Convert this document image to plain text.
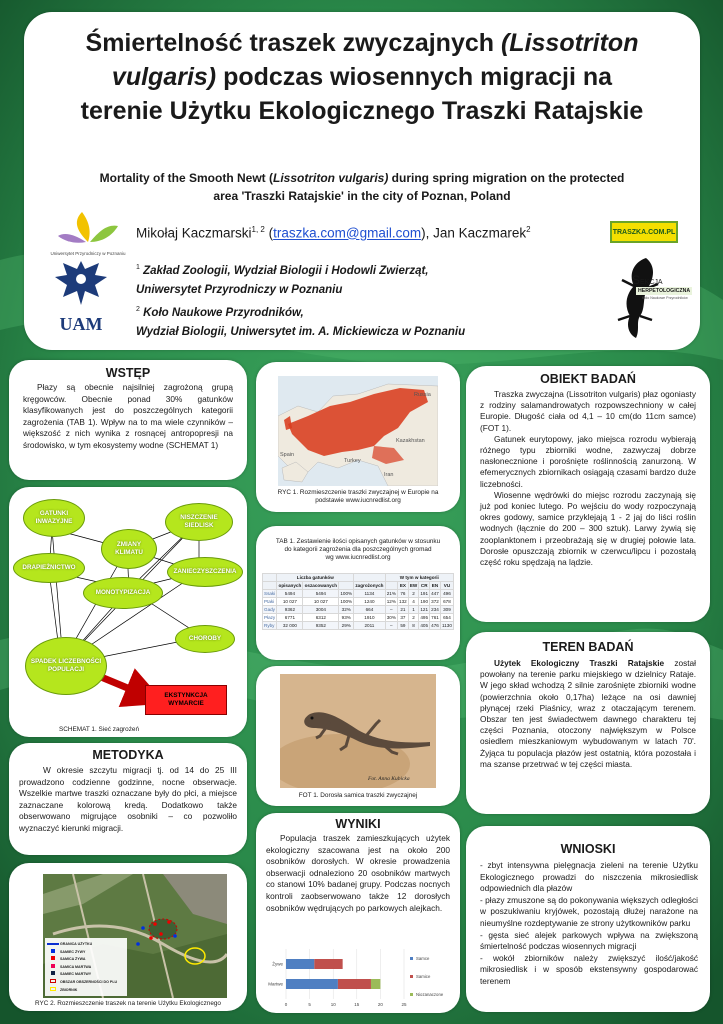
Śmiertelność traszek zwyczajnych (Lissotriton
vulgaris) podczas wiosennych migracji na
terenie Użytku Ekologicznego Traszki Ratajskie
Mortality of the Smooth Newt (Lissotriton vulgaris) during spring migration on the protected
area 'Traszki Ratajskie' in the city of Poznan, Poland
Uniwersytet Przyrodniczy w Poznaniu
UAM
Mikołaj Kaczmarski$^{1, 2}$ (traszka.com@gmail.com), Jan Kaczmarek$^2$
$^1$ Zakład Zoologii, Wydział Biologii i Hodowli Zwierząt,
Uniwersytet Przyrodniczy w Poznaniu
$^2$ Koło Naukowe Przyrodników,
Wydział Biologii, Uniwersytet im. A. Mickiewicza w Poznaniu
TRASZKA.COM.PL
SEKCJA
HERPETOLOGICZNA
Koło Naukowe Przyrodników
WSTĘP

Płazy są obecnie najsilniej zagrożoną grupą kręgowców. Obecnie ponad 30% gatunków klasyfikowanych jest do poszczególnych kategorii zagrożenia (TAB 1). Wpływ na to ma wiele czynników – większość z nich wynika z rosnącej antropopresji na środowisko, w tym ekosystemy wodne (SCHEMAT 1)

GATUNKI INWAZYJNE
ZMIANY KLIMATU
NISZCZENIE SIEDLISK
DRAPIEŻNICTWO
ZANIECZYSZCZENIA
MONOTYPIZACJA
CHOROBY
SPADEK LICZEBNOŚCI POPULACJI
EKSTYNKCJA WYMARCIE
SCHEMAT 1. Sieć zagrożeń
METODYKA

W okresie szczytu migracji tj. od 14 do 25 III prowadzono codzienne godzinne, nocne obserwacje. Wszelkie martwe traszki oznaczane były do płci, a miejsce zaznaczane kolorową kredą. Dodatkowo także obserwowano migrujące osobniki – co pozwoliło wyznaczyć kierunki migracji.

GRANICA UŻYTKU
SAMIEC ŻYWY
SAMICA ŻYWA
SAMICA MARTWA
SAMIEC MARTWY
OBSZAR OBSZERNOŚCI DO PLU
ZBIORNIK
RYC 2. Rozmieszczenie traszek na terenie Użytku Ekologicznego
Russia
Kazakhstan
Spain
Turkey
Iran
RYC 1. Rozmieszczenie traszki zwyczajnej w Europie na
podstawie www.iucnredlist.org
TAB 1. Zestawienie ilości opisanych gatunków w stosunku
do kategorii zagrożenia dla poszczególnych gromad
wg www.iucnredlist.org
	Liczba gatunków				W tym w kategorii					
	opisanych	oszacowanych		zagrożonych		EX	EW	CR	EN	VU
Ssaki	5494	5494	100%	1134	21%	76	2	191	447	496
Ptaki	10 027	10 027	100%	1240	12%	132	4	190	372	678
Gady	9362	3004	32%	664	–	21	1	121	234	309
Płazy	6771	6312	93%	1910	30%	37	2	495	761	654
Ryby	32 000	9352	29%	2011	–	59	8	405	476	1130
Fot. Anna Kubicka
FOT 1. Dorosła samica traszki zwyczajnej
WYNIKI

Populacja traszek zamieszkujących użytek ekologiczny szacowana jest na około 200 osobników dorosłych. W okresie prowadzenia obserwacji odnaleziono 20 osobników martwych co stanowi 10% badanej grupy. Podczas nocnych kontroli zaobserwowano także 12 dorosłych osobników wędrujących po parkowych alejkach.

0	5	10	15	20	25
Żywe
Martwe
Samce
Samice
Niozanaczone
OBIEKT BADAŃ

Traszka zwyczajna (Lissotriton vulgaris) płaz ogoniasty z rodziny salamandrowatych rozpowszechniony w całej Europie. Długość ciała od 4,1 – 10 cm(do 11cm samce) (FOT 1).

Gatunek eurytopowy, jako miejsca rozrodu wybierają różnego typu zbiorniki wodne, zazwyczaj dobrze nasłonecznione i porośnięte roślinnością zanurzoną. W efemerycznych zbiornikach osiągają czasami bardzo duże liczebności.

Wiosenne wędrówki do miejsc rozrodu zaczynają się już pod koniec lutego. Po wejściu do wody rozpoczynają okres godowy, samice przyklejają 1 - 2 jaj do liści roślin wodnych (łącznie do 200 – 300 sztuk). Larwy żywią się zooplanktonem i przeobrażają się w drugiej połowie lata. Dorosłe opuszczają zbiornik w czerwcu/lipcu i pozostałą część roku spędzają na lądzie.

TEREN BADAŃ

Użytek Ekologiczny Traszki Ratajskie został powołany na terenie parku miejskiego w dzielnicy Rataje. W jego skład wchodzą 2 silnie zarośnięte zbiorniki wodne (powierzchnia około 0,17ha) leżące na osi dawniej płynącej rzeki Piaśnicy, wraz z otaczającym terenem. Obszar ten jest świadectwem dawnego charakteru tej części Poznania, otoczony największym w Polsce osiedlem mieszkaniowym wybudowanym w latach 70'. Żyjąca tu populacja płazów jest ostatnią, która pozostała i ma szanse przetrwać w tej części miasta.

WNIOSKI
- zbyt intensywna pielęgnacja zieleni na terenie Użytku Ekologicznego prowadzi do niszczenia mikrosiedlisk odpowiednich dla płazów
- płazy zmuszone są do pokonywania większych odległości w poszukiwaniu kryjówek, pozostają dłużej narażone na nieumyślne rozdeptywanie ze strony użytkowników parku
- gęsta sieć alejek parkowych wpływa na zwiększoną śmiertelność podczas wiosennych migracji
- wokół zbiorników należy zwiększyć ilość/jakość mikrosiedlisk i w sposób ekstensywny gospodarować terenem
